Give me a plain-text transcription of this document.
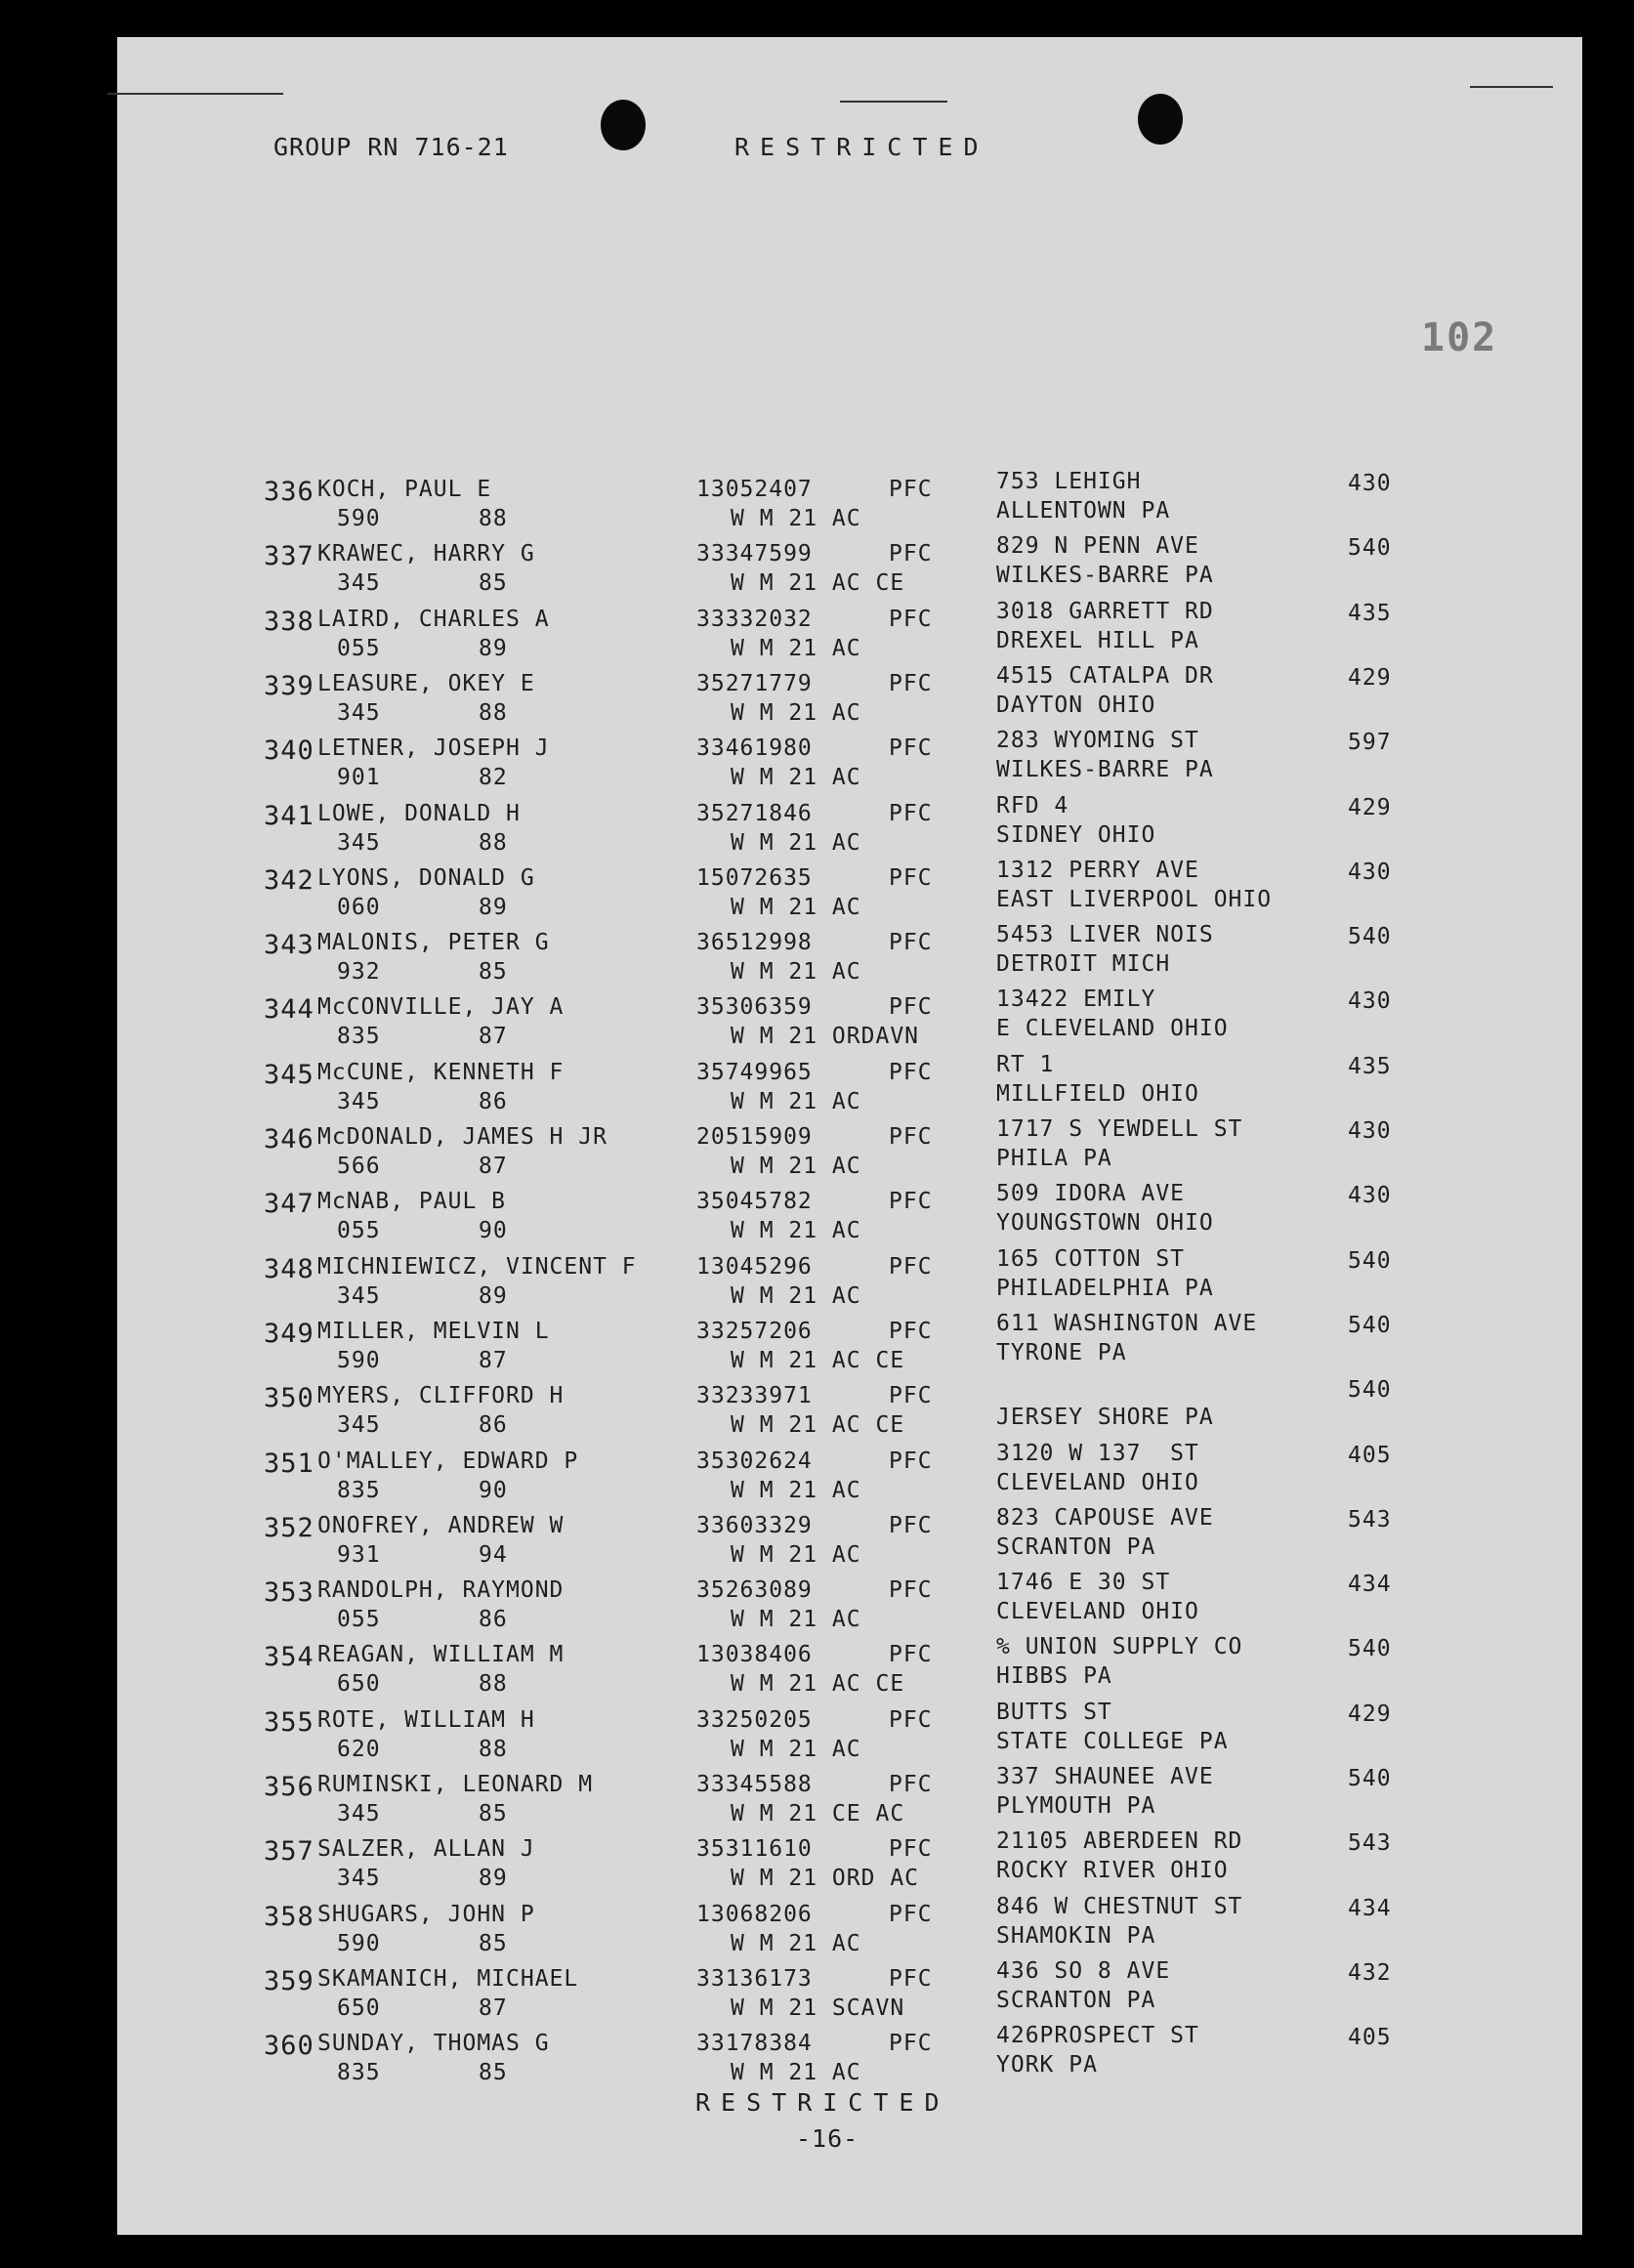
GROUP RN 716-21	RESTRICTED
102
336 KOCH, PAUL E
590	88
13052407	PFC
W M 21 AC
753 LEHIGH
ALLENTOWN PA
430
337 KRAWEC, HARRY G
345	85
33347599	PFC
W M 21 AC CE
829 N PENN AVE
WILKES-BARRE PA
540
338 LAIRD, CHARLES A
055	89
33332032	PFC
W M 21 AC
3018 GARRETT RD
DREXEL HILL PA
435
339 LEASURE, OKEY E
345	88
35271779	PFC
W M 21 AC
4515 CATALPA DR
DAYTON OHIO
429
340 LETNER, JOSEPH J
901	82
33461980	PFC
W M 21 AC
283 WYOMING ST
WILKES-BARRE PA
597
341 LOWE, DONALD H
345	88
35271846	PFC
W M 21 AC
RFD 4
SIDNEY OHIO
429
342 LYONS, DONALD G
060	89
15072635	PFC
W M 21 AC
1312 PERRY AVE
EAST LIVERPOOL OHIO
430
343 MALONIS, PETER G
932	85
36512998	PFC
W M 21 AC
5453 LIVER NOIS
DETROIT MICH
540
344 McCONVILLE, JAY A
835	87
35306359	PFC
W M 21 ORDAVN
13422 EMILY
E CLEVELAND OHIO
430
345 McCUNE, KENNETH F
345	86
35749965	PFC
W M 21 AC
RT 1
MILLFIELD OHIO
435
346 McDONALD, JAMES H JR
566	87
20515909	PFC
W M 21 AC
1717 S YEWDELL ST
PHILA PA
430
347 McNAB, PAUL B
055	90
35045782	PFC
W M 21 AC
509 IDORA AVE
YOUNGSTOWN OHIO
430
348 MICHNIEWICZ, VINCENT F
345	89
13045296	PFC
W M 21 AC
165 COTTON ST
PHILADELPHIA PA
540
349 MILLER, MELVIN L
590	87
33257206	PFC
W M 21 AC CE
611 WASHINGTON AVE
TYRONE PA
540
350 MYERS, CLIFFORD H
345	86
33233971	PFC
W M 21 AC CE	JERSEY SHORE PA
540
351 O'MALLEY, EDWARD P
835	90
35302624	PFC
W M 21 AC
3120 W 137  ST
CLEVELAND OHIO
405
352 ONOFREY, ANDREW W
931	94
33603329	PFC
W M 21 AC
823 CAPOUSE AVE
SCRANTON PA
543
353 RANDOLPH, RAYMOND
055	86
35263089	PFC
W M 21 AC
1746 E 30 ST
CLEVELAND OHIO
434
354 REAGAN, WILLIAM M
650	88
13038406	PFC
W M 21 AC CE
% UNION SUPPLY CO
HIBBS PA
540
355 ROTE, WILLIAM H
620	88
33250205	PFC
W M 21 AC
BUTTS ST
STATE COLLEGE PA
429
356 RUMINSKI, LEONARD M
345	85
33345588	PFC
W M 21 CE AC
337 SHAUNEE AVE
PLYMOUTH PA
540
357 SALZER, ALLAN J
345	89
35311610	PFC
W M 21 ORD AC
21105 ABERDEEN RD
ROCKY RIVER OHIO
543
358 SHUGARS, JOHN P
590	85
13068206	PFC
W M 21 AC
846 W CHESTNUT ST
SHAMOKIN PA
434
359 SKAMANICH, MICHAEL
650	87
33136173	PFC
W M 21 SCAVN
436 SO 8 AVE
SCRANTON PA
432
360 SUNDAY, THOMAS G
835	85
33178384	PFC
W M 21 AC
426PROSPECT ST
YORK PA
405
RESTRICTED
-16-
